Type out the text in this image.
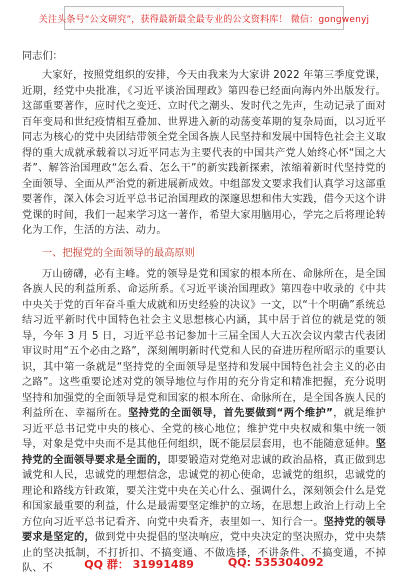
关注头条号“公文研究”，获得最新最全最专业的公文资料库！ 微信：gongwenyj

同志们：

大家好，按照党组织的安排，今天由我来为大家讲 2022 年第三季度党课，近期，经党中央批准，《习近平谈治国理政》第四卷已经面向海内外出版发行。这部重要著作，应时代之变迁、立时代之潮头、发时代之先声，生动记录了面对百年变局和世纪疫情相互叠加、世界进入新的动荡变革期的复杂局面，以习近平同志为核心的党中央团结带领全党全国各族人民坚持和发展中国特色社会主义取得的重大成就承载着以习近平同志为主要代表的中国共产党人始终心怀“国之大者”、解答治国理政“怎么看、怎么干”的新实践新探索，浓缩着新时代坚持党的全面领导、全面从严治党的新进展新成效。中组部发文要求我们认真学习这部重要著作，深入体会习近平总书记治国理政的深邃思想和伟大实践，借今天这个讲党课的时间，我们一起来学习这一著作，希望大家用脑用心，学完之后将理论转化为工作，生活的方法、动力。

一、把握党的全面领导的最高原则

万山磅礴，必有主峰。党的领导是党和国家的根本所在、命脉所在，是全国各族人民的利益所系、命运所系。《习近平谈治国理政》第四卷中收录的《中共中央关于党的百年奋斗重大成就和历史经验的决议》一文，以“十个明确”系统总结习近平新时代中国特色社会主义思想核心内涵，其中居于首位的就是党的领导，今年 3 月 5 日，习近平总书记参加十三届全国人大五次会议内蒙古代表团审议时用“五个必由之路”，深刻阐明新时代党和人民的奋进历程所昭示的重要认识，其中第一条就是“坚持党的全面领导是坚持和发展中国特色社会主义的必由之路”。这些重要论述对党的领导地位与作用的充分肯定和精准把握，充分说明坚持和加强党的全面领导是党和国家的根本所在、命脉所在，是全国各族人民的利益所在、幸福所在。坚持党的全面领导，首先要做到“两个维护”，就是维护习近平总书记党中央的核心、全党的核心地位；维护党中央权威和集中统一领导，对象是党中央而不是其他任何组织，既不能层层套用，也不能随意延伸。坚持党的全面领导要求是全面的，即要锻造对党绝对忠诚的政治品格，真正做到忠诚党和人民，忠诚党的理想信念，忠诚党的初心使命，忠诚党的组织，忠诚党的理论和路线方针政策，要关注党中央在关心什么、强调什么，深刻领会什么是党和国家最重要的利益，什么是最需要坚定维护的立场，在思想上政治上行动上全方位向习近平总书记看齐、向党中央看齐，表里如一、知行合一。坚持党的领导要求是坚定的，做到党中央提倡的坚决响应，党中央决定的坚决照办，党中央禁止的坚决抵制，不打折扣、不搞变通、不做选择，不讲条件、不搞变通，不掉队、不	QQ 群： 31991489	QQ: 535304092
